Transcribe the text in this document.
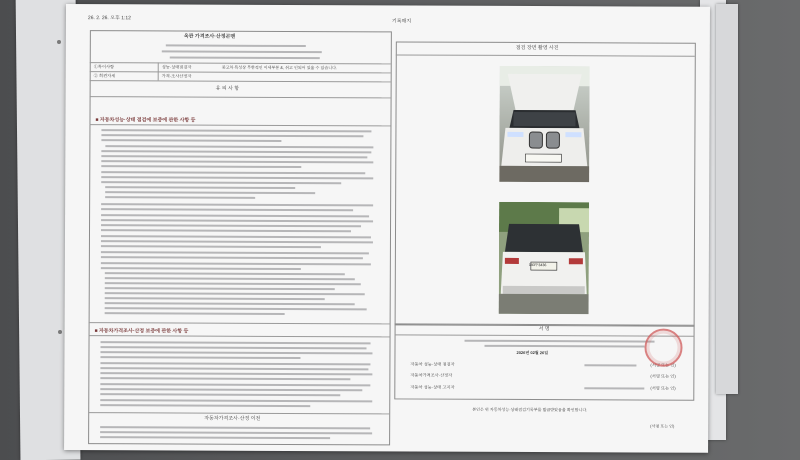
26. 2. 26. 오후 1:12
기록매지
옥관 가격조사·산정곤맨
①특이사항	성능·상태점검자	중고차 특성상 무한적인 이세부분 &, 쉬고 인되어 있을 수 있습니다.
② 회견자세	가격·조사산정자
유 의 사 항
■ 자동차성능·상태 점검에 보증에 관한 사항 등
■ 자동차가격조사·산정 보증에 관한 사항 등
자동차가격조사·산정 이전
점검 장면 촬영 사진
193두3436
서 명
2026년 02월 26일
자동차 성능·상태 점검자	(서명 또는 인)
자동차가격조사·산정자	(서명 또는 인)
자동차 성능·상태 고지자	(서명 또는 인)
본인은 위 자동차성능·상태점검기록부를 발급받았음을 확인합니다.
(서명 또는 인)
